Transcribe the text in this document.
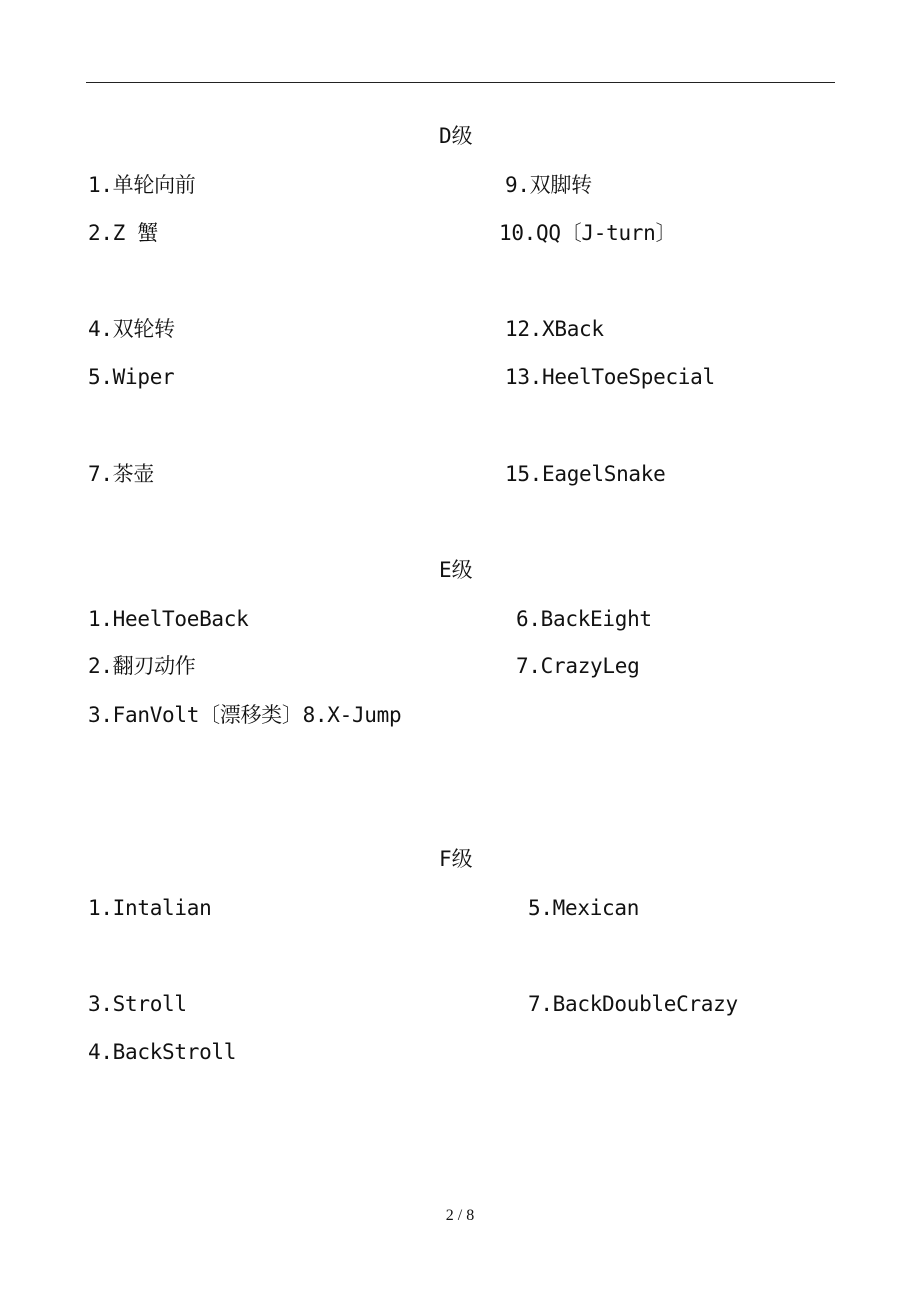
D级
1.单轮向前	9.双脚转
2.Z 蟹	10.QQ〔J-turn〕
4.双轮转	12.XBack
5.Wiper	13.HeelToeSpecial
7.茶壶	15.EagelSnake
E级
1.HeelToeBack	6.BackEight
2.翻刃动作	7.CrazyLeg
3.FanVolt〔漂移类〕8.X-Jump
F级
1.Intalian	5.Mexican
3.Stroll	7.BackDoubleCrazy
4.BackStroll
2 / 8
